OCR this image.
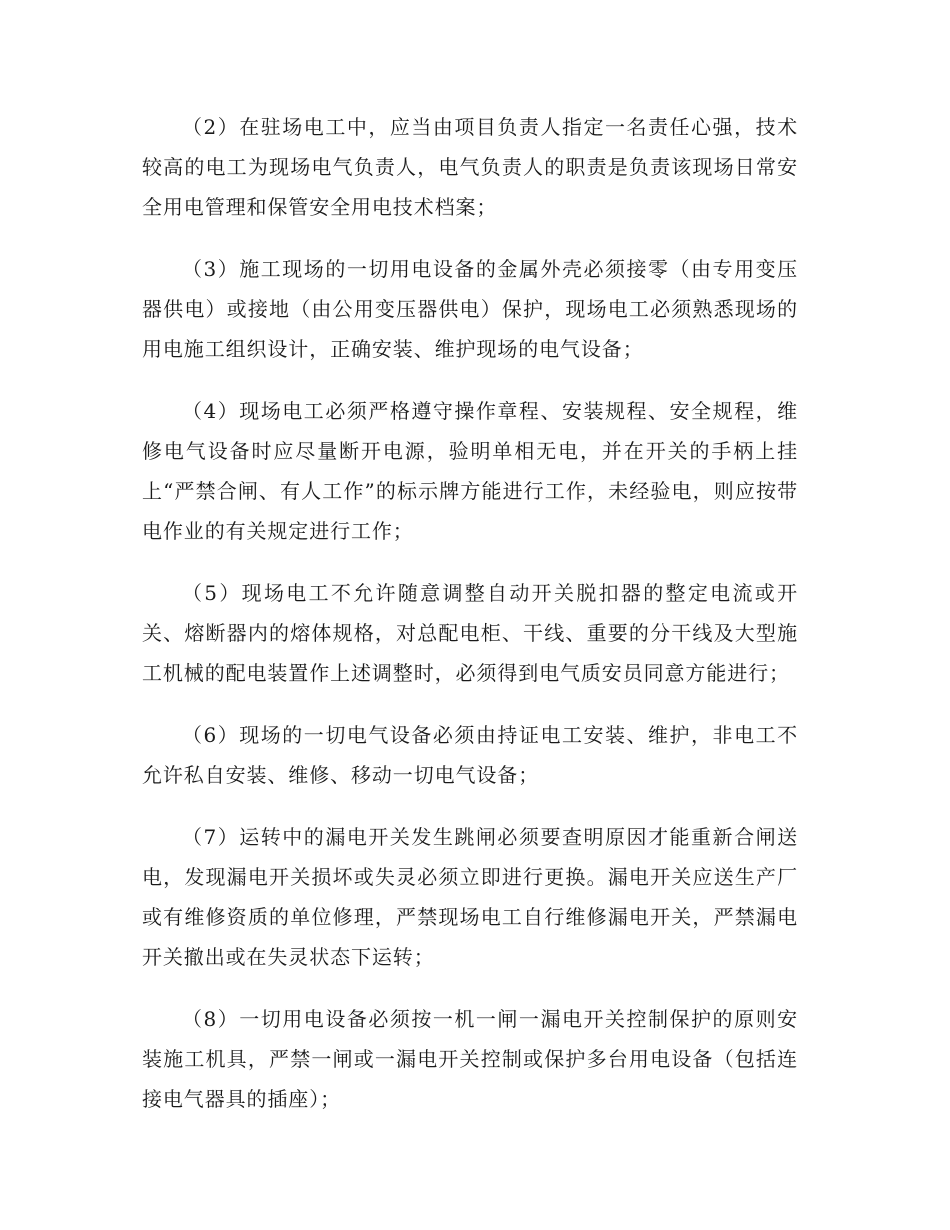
（2）在驻场电工中，应当由项目负责人指定一名责任心强，技术较高的电工为现场电气负责人，电气负责人的职责是负责该现场日常安全用电管理和保管安全用电技术档案；

（3）施工现场的一切用电设备的金属外壳必须接零（由专用变压器供电）或接地（由公用变压器供电）保护，现场电工必须熟悉现场的用电施工组织设计，正确安装、维护现场的电气设备；

（4）现场电工必须严格遵守操作章程、安装规程、安全规程，维修电气设备时应尽量断开电源，验明单相无电，并在开关的手柄上挂上“严禁合闸、有人工作”的标示牌方能进行工作，未经验电，则应按带电作业的有关规定进行工作；

（5）现场电工不允许随意调整自动开关脱扣器的整定电流或开关、熔断器内的熔体规格，对总配电柜、干线、重要的分干线及大型施工机械的配电装置作上述调整时，必须得到电气质安员同意方能进行；

（6）现场的一切电气设备必须由持证电工安装、维护，非电工不允许私自安装、维修、移动一切电气设备；

（7）运转中的漏电开关发生跳闸必须要查明原因才能重新合闸送电，发现漏电开关损坏或失灵必须立即进行更换。漏电开关应送生产厂或有维修资质的单位修理，严禁现场电工自行维修漏电开关，严禁漏电开关撤出或在失灵状态下运转；

（8）一切用电设备必须按一机一闸一漏电开关控制保护的原则安装施工机具，严禁一闸或一漏电开关控制或保护多台用电设备（包括连接电气器具的插座）；
